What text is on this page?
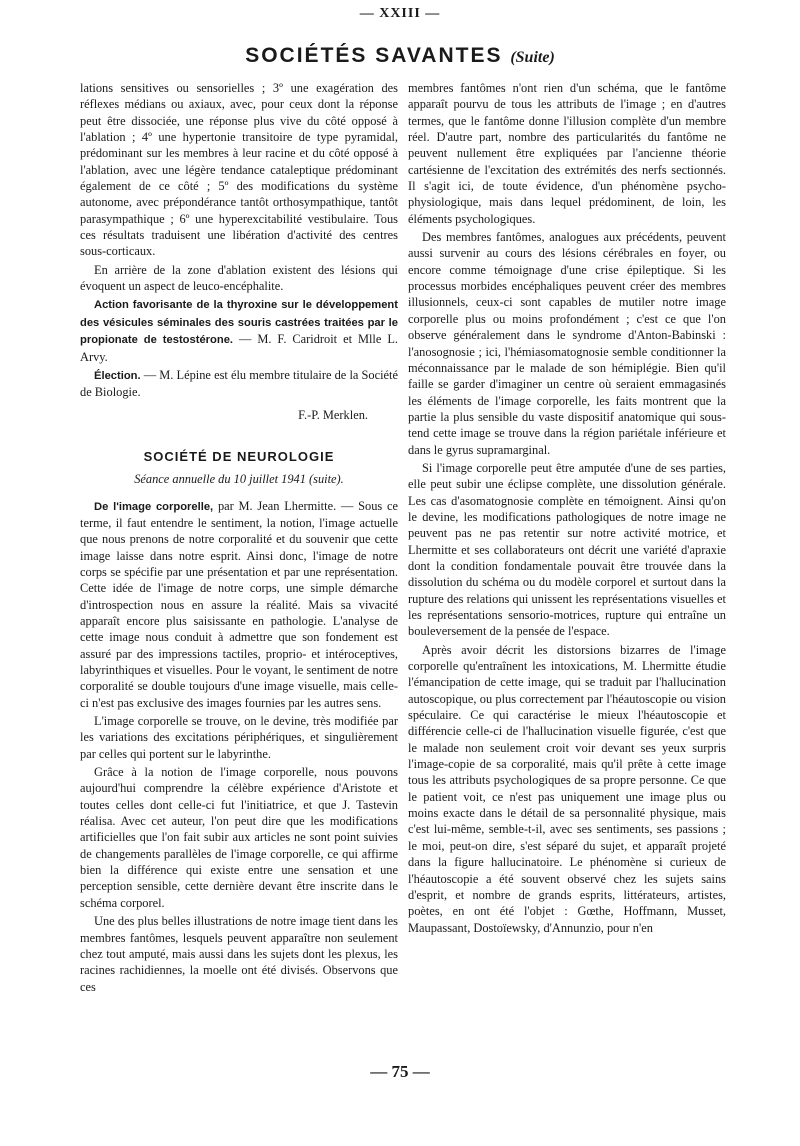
— XXIII —
SOCIÉTÉS SAVANTES (Suite)

lations sensitives ou sensorielles ; 3º une exagération des réflexes médians ou axiaux, avec, pour ceux dont la réponse peut être dissociée, une réponse plus vive du côté opposé à l'ablation ; 4º une hypertonie transitoire de type pyramidal, prédominant sur les membres à leur racine et du côté opposé à l'ablation, avec une légère tendance cataleptique prédominant également de ce côté ; 5º des modifications du système autonome, avec prépondérance tantôt orthosympathique, tantôt parasympathique ; 6º une hyperexcitabilité vestibulaire. Tous ces résultats traduisent une libération d'activité des centres sous-corticaux.

En arrière de la zone d'ablation existent des lésions qui évoquent un aspect de leuco-encéphalite.

Action favorisante de la thyroxine sur le développement des vésicules séminales des souris castrées traitées par le propionate de testostérone. — M. F. Caridroit et Mlle L. Arvy.

Élection. — M. Lépine est élu membre titulaire de la Société de Biologie.

F.-P. Merklen.

SOCIÉTÉ DE NEUROLOGIE

Séance annuelle du 10 juillet 1941 (suite).

De l'image corporelle, par M. Jean Lhermitte. — Sous ce terme, il faut entendre le sentiment, la notion, l'image actuelle que nous prenons de notre corporalité et du souvenir que cette image laisse dans notre esprit. Ainsi donc, l'image de notre corps se spécifie par une présentation et par une représentation. Cette idée de l'image de notre corps, une simple démarche d'introspection nous en assure la réalité. Mais sa vivacité apparaît encore plus saisissante en pathologie. L'analyse de cette image nous conduit à admettre que son fondement est assuré par des impressions tactiles, proprio- et intéroceptives, labyrinthiques et visuelles. Pour le voyant, le sentiment de notre corporalité se double toujours d'une image visuelle, mais celle-ci n'est pas exclusive des images fournies par les autres sens.

L'image corporelle se trouve, on le devine, très modifiée par les variations des excitations périphériques, et singulièrement par celles qui portent sur le labyrinthe.

Grâce à la notion de l'image corporelle, nous pouvons aujourd'hui comprendre la célèbre expérience d'Aristote et toutes celles dont celle-ci fut l'initiatrice, et que J. Tastevin réalisa. Avec cet auteur, l'on peut dire que les modifications artificielles que l'on fait subir aux articles ne sont point suivies de changements parallèles de l'image corporelle, ce qui affirme bien la différence qui existe entre une sensation et une perception sensible, cette dernière devant être inscrite dans le schéma corporel.

Une des plus belles illustrations de notre image tient dans les membres fantômes, lesquels peuvent apparaître non seulement chez tout amputé, mais aussi dans les sujets dont les plexus, les racines rachidiennes, la moelle ont été divisés. Observons que ces

membres fantômes n'ont rien d'un schéma, que le fantôme apparaît pourvu de tous les attributs de l'image ; en d'autres termes, que le fantôme donne l'illusion complète d'un membre réel. D'autre part, nombre des particularités du fantôme ne peuvent nullement être expliquées par l'ancienne théorie cartésienne de l'excitation des extrémités des nerfs sectionnés. Il s'agit ici, de toute évidence, d'un phénomène psycho-physiologique, mais dans lequel prédominent, de loin, les éléments psychologiques.

Des membres fantômes, analogues aux précédents, peuvent aussi survenir au cours des lésions cérébrales en foyer, ou encore comme témoignage d'une crise épileptique. Si les processus morbides encéphaliques peuvent créer des membres illusionnels, ceux-ci sont capables de mutiler notre image corporelle plus ou moins profondément ; c'est ce que l'on observe généralement dans le syndrome d'Anton-Babinski : l'anosognosie ; ici, l'hémiasomatognosie semble conditionner la méconnaissance par le malade de son hémiplégie. Bien qu'il faille se garder d'imaginer un centre où seraient emmagasinés les éléments de l'image corporelle, les faits montrent que la partie la plus sensible du vaste dispositif anatomique qui sous-tend cette image se trouve dans la région pariétale inférieure et dans le gyrus supramarginal.

Si l'image corporelle peut être amputée d'une de ses parties, elle peut subir une éclipse complète, une dissolution générale. Les cas d'asomatognosie complète en témoignent. Ainsi qu'on le devine, les modifications pathologiques de notre image ne peuvent pas ne pas retentir sur notre activité motrice, et Lhermitte et ses collaborateurs ont décrit une variété d'apraxie dont la condition fondamentale pouvait être trouvée dans la dissolution du schéma ou du modèle corporel et surtout dans la rupture des relations qui unissent les représentations visuelles et les représentations sensorio-motrices, rupture qui entraîne un bouleversement de la pensée de l'espace.

Après avoir décrit les distorsions bizarres de l'image corporelle qu'entraînent les intoxications, M. Lhermitte étudie l'émancipation de cette image, qui se traduit par l'hallucination autoscopique, ou plus correctement par l'héautoscopie ou vision spéculaire. Ce qui caractérise le mieux l'héautoscopie et différencie celle-ci de l'hallucination visuelle figurée, c'est que le malade non seulement croit voir devant ses yeux surpris l'image-copie de sa corporalité, mais qu'il prête à cette image tous les attributs psychologiques de sa propre personne. Ce que le patient voit, ce n'est pas uniquement une image plus ou moins exacte dans le détail de sa personnalité physique, mais c'est lui-même, semble-t-il, avec ses sentiments, ses passions ; le moi, peut-on dire, s'est séparé du sujet, et apparaît projeté dans la figure hallucinatoire. Le phénomène si curieux de l'héautoscopie a été souvent observé chez les sujets sains d'esprit, et nombre de grands esprits, littérateurs, artistes, poètes, en ont été l'objet : Gœthe, Hoffmann, Musset, Maupassant, Dostoïewsky, d'Annunzio, pour n'en

— 75 —
